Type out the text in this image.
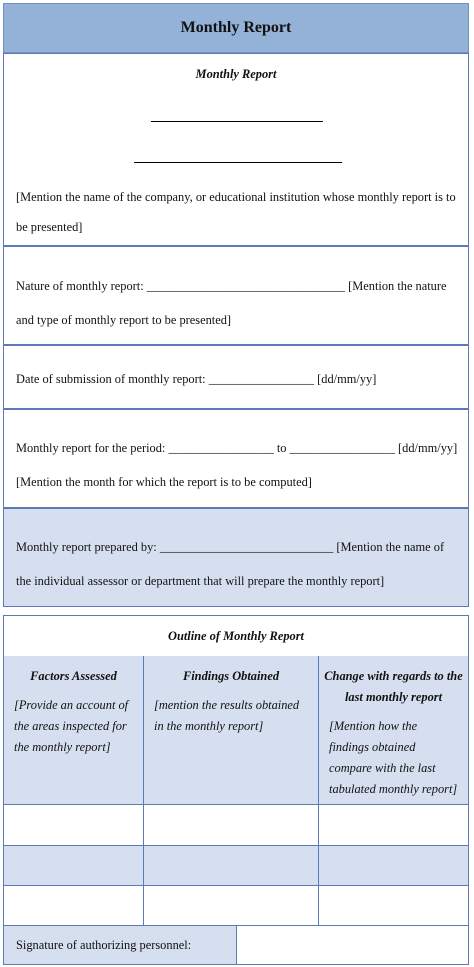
Monthly Report
Monthly Report
[Mention the name of the company, or educational institution whose monthly report is to be presented]
Nature of monthly report: ________________________________ [Mention the nature and type of monthly report to be presented]
Date of submission of monthly report: _________________ [dd/mm/yy]
Monthly report for the period: _________________ to _________________ [dd/mm/yy]
[Mention the month for which the report is to be computed]
Monthly report prepared by: ____________________________ [Mention the name of the individual assessor or department that will prepare the monthly report]
Outline of Monthly Report
Factors Assessed
[Provide an account of the areas inspected for the monthly report]
Findings Obtained
[mention the results obtained in the monthly report]
Change with regards to the last monthly report
[Mention how the findings obtained compare with the last tabulated monthly report]
Signature of authorizing personnel:
